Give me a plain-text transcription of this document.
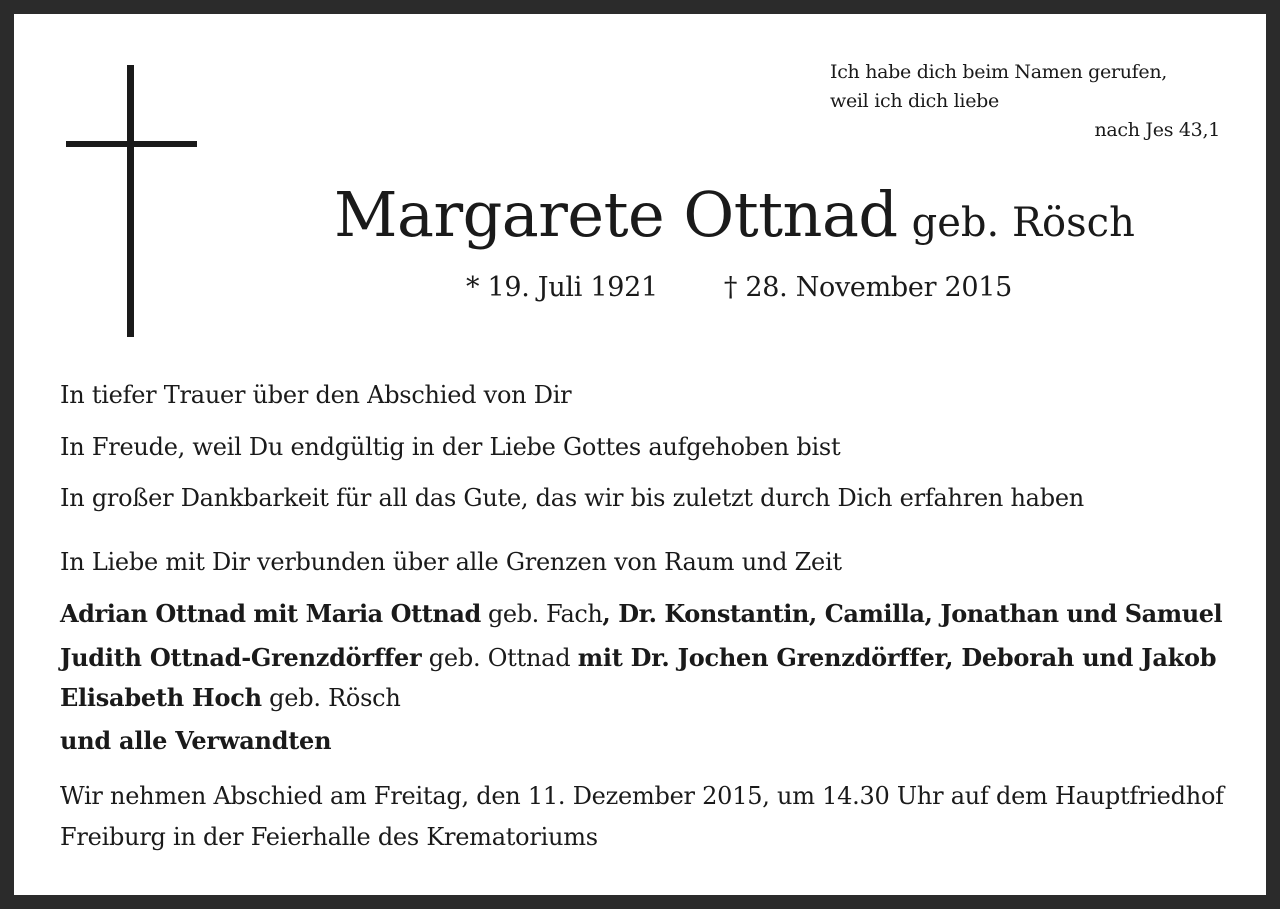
Ich habe dich beim Namen gerufen,
weil ich dich liebe
nach Jes 43,1
Margarete Ottnad geb. Rösch
* 19. Juli 1921 † 28. November 2015
In tiefer Trauer über den Abschied von Dir
In Freude, weil Du endgültig in der Liebe Gottes aufgehoben bist
In großer Dankbarkeit für all das Gute, das wir bis zuletzt durch Dich erfahren haben
In Liebe mit Dir verbunden über alle Grenzen von Raum und Zeit
Adrian Ottnad mit Maria Ottnad geb. Fach, Dr. Konstantin, Camilla, Jonathan und Samuel
Judith Ottnad-Grenzdörffer geb. Ottnad mit Dr. Jochen Grenzdörffer, Deborah und Jakob
Elisabeth Hoch geb. Rösch
und alle Verwandten
Wir nehmen Abschied am Freitag, den 11. Dezember 2015, um 14.30 Uhr auf dem Hauptfriedhof
Freiburg in der Feierhalle des Krematoriums
